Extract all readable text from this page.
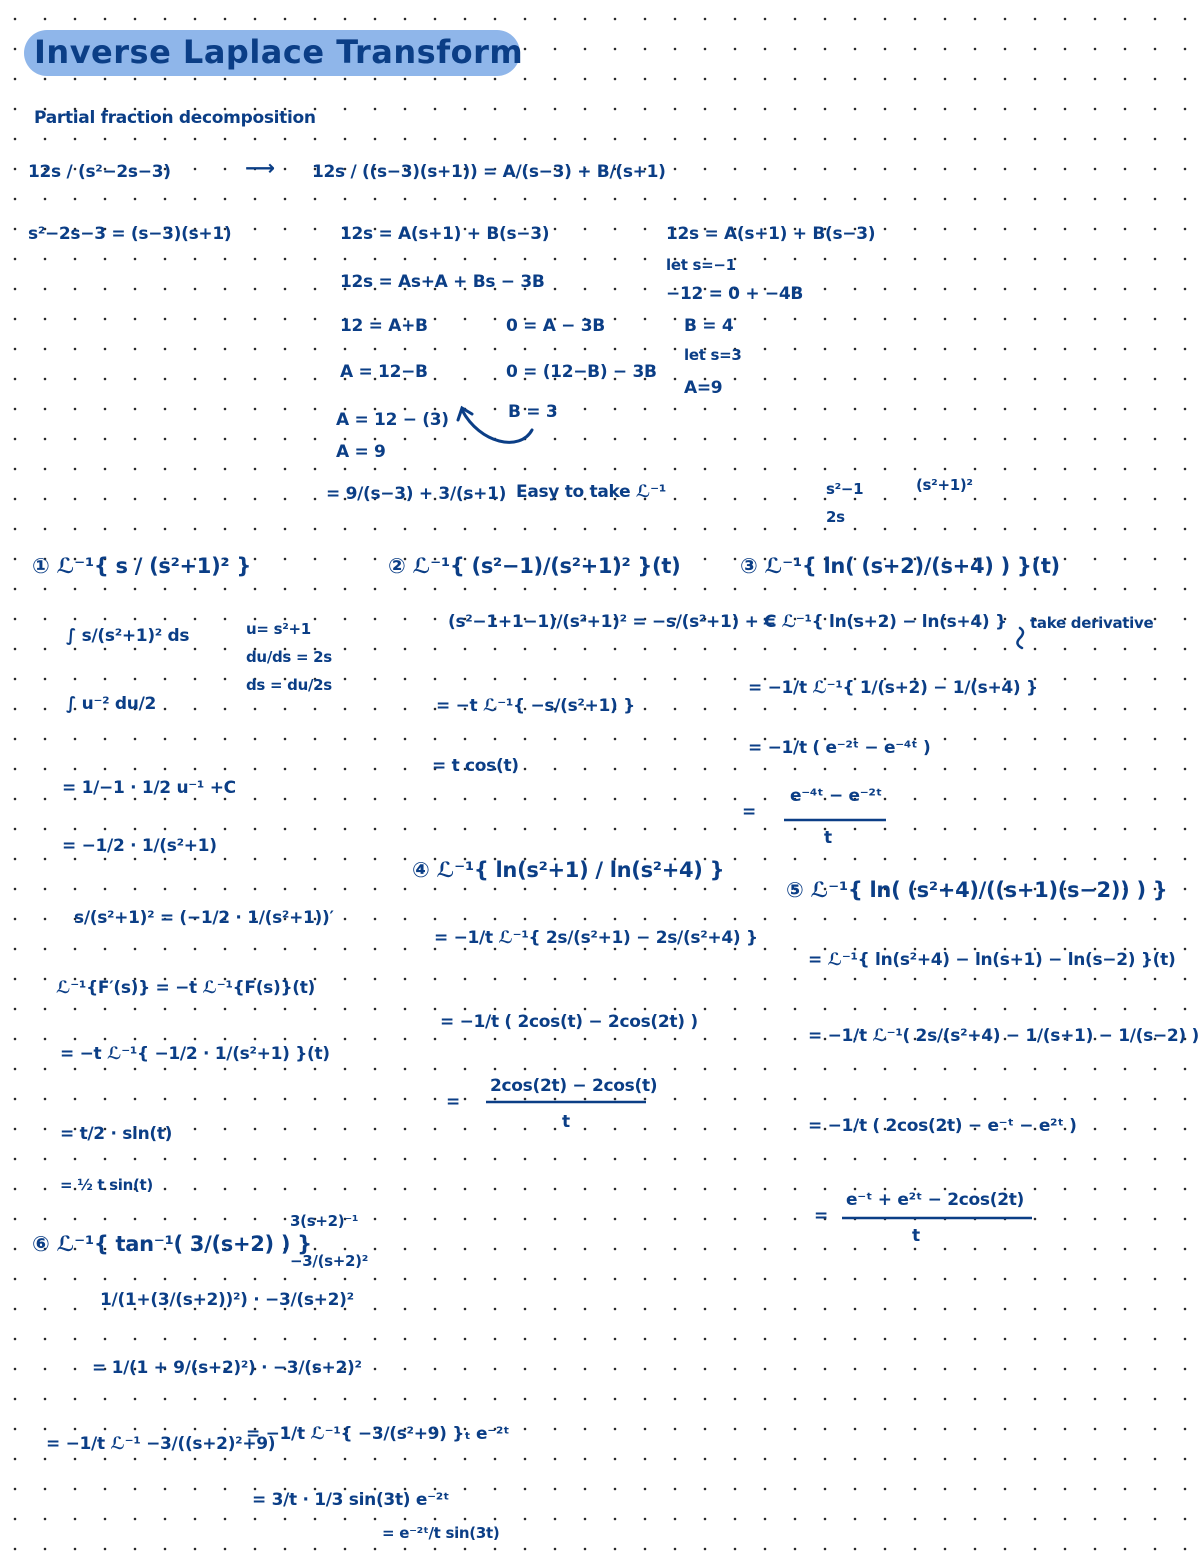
Inverse Laplace Transform
Partial fraction decomposition
12s / (s²−2s−3)	⟶ 12s / ((s−3)(s+1)) = A/(s−3) + B/(s+1)
s²−2s−3 = (s−3)(s+1)	12s = A(s+1) + B(s−3)
12s = As+A + Bs − 3B
12 = A+B	0 = A − 3B
A = 12−B	0 = (12−B) − 3B
A = 12 − (3)	B = 3
A = 9
12s = A(s+1) + B(s−3)
let s=−1
−12 = 0 + −4B
B = 4
let s=3
A=9
= 9/(s−3) + 3/(s+1) Easy to take ℒ⁻¹	s²−1	(s²+1)²
2s
① ℒ⁻¹{ s / (s²+1)² }
∫ s/(s²+1)² ds	u= s²+1
du/ds = 2s
ds = du/2s
∫ u⁻² du/2
= 1/−1 · 1/2 u⁻¹ +C
= −1/2 · 1/(s²+1)
s/(s²+1)² = (−1/2 · 1/(s²+1))′
ℒ⁻¹{F′(s)} = −t ℒ⁻¹{F(s)}(t)
= −t ℒ⁻¹{ −1/2 · 1/(s²+1) }(t)
= t/2 · sin(t)
= ½ t sin(t)
② ℒ⁻¹{ (s²−1)/(s²+1)² }(t)
(s²−1+1−1)/(s²+1)² = −s/(s²+1) + C
= −t ℒ⁻¹{ −s/(s²+1) }
= t cos(t)
③ ℒ⁻¹{ ln( (s+2)/(s+4) ) }(t)
= ℒ⁻¹{ ln(s+2) − ln(s+4) } take derivative
= −1/t ℒ⁻¹{ 1/(s+2) − 1/(s+4) }
= −1/t ( e⁻²ᵗ − e⁻⁴ᵗ )
=
e⁻⁴ᵗ − e⁻²ᵗ
t
④ ℒ⁻¹{ ln(s²+1) / ln(s²+4) }
= −1/t ℒ⁻¹{ 2s/(s²+1) − 2s/(s²+4) }
= −1/t ( 2cos(t) − 2cos(2t) )
=
2cos(2t) − 2cos(t)
t
⑤ ℒ⁻¹{ ln( (s²+4)/((s+1)(s−2)) ) }
= ℒ⁻¹{ ln(s²+4) − ln(s+1) − ln(s−2) }(t)
= −1/t ℒ⁻¹( 2s/(s²+4) − 1/(s+1) − 1/(s−2) )
= −1/t ( 2cos(2t) − e⁻ᵗ − e²ᵗ )
=
e⁻ᵗ + e²ᵗ − 2cos(2t)
t
⑥ ℒ⁻¹{ tan⁻¹( 3/(s+2) ) }
3(s+2)⁻¹
−3/(s+2)²
1/(1+(3/(s+2))²) · −3/(s+2)²
= 1/(1 + 9/(s+2)²) · −3/(s+2)²
= −1/t ℒ⁻¹ −3/((s+2)²+9)
= −1/t ℒ⁻¹{ −3/(s²+9) }ₜ e⁻²ᵗ
= 3/t · 1/3 sin(3t) e⁻²ᵗ
= e⁻²ᵗ/t sin(3t)
